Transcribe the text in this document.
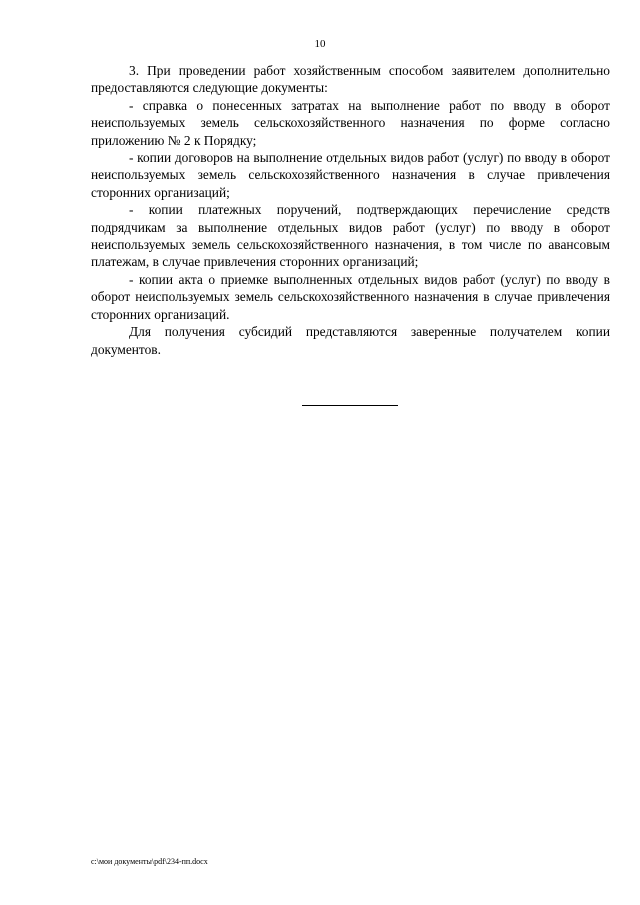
10

3. При проведении работ хозяйственным способом заявителем дополнительно предоставляются следующие документы:

- справка о понесенных затратах на выполнение работ по вводу в оборот неиспользуемых земель сельскохозяйственного назначения по форме согласно приложению № 2 к Порядку;

- копии договоров на выполнение отдельных видов работ (услуг) по вводу в оборот неиспользуемых земель сельскохозяйственного назначения в случае привлечения сторонних организаций;

- копии платежных поручений, подтверждающих перечисление средств подрядчикам за выполнение отдельных видов работ (услуг) по вводу в оборот неиспользуемых земель сельскохозяйственного назначения, в том числе по авансовым платежам, в случае привлечения сторонних организаций;

- копии акта о приемке выполненных отдельных видов работ (услуг) по вводу в оборот неиспользуемых земель сельскохозяйственного назначения в случае привлечения сторонних организаций.

Для получения субсидий представляются заверенные получателем копии документов.

c:\мои документы\pdf\234-пп.docx
